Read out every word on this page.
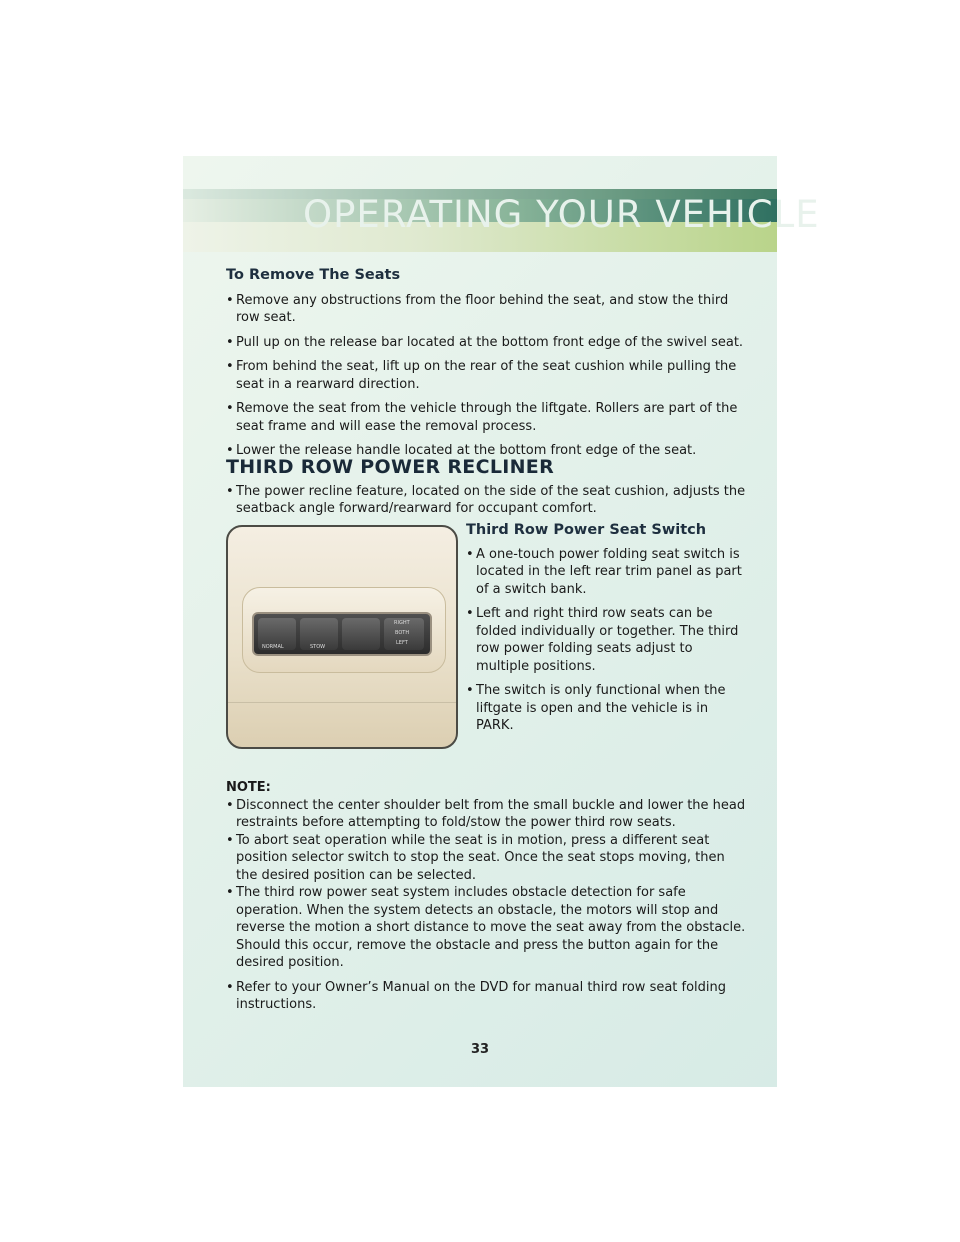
OPERATING YOUR VEHICLE
To Remove The Seats
• Remove any obstructions from the floor behind the seat, and stow the third row seat.
• Pull up on the release bar located at the bottom front edge of the swivel seat.
• From behind the seat, lift up on the rear of the seat cushion while pulling the seat in a rearward direction.
• Remove the seat from the vehicle through the liftgate. Rollers are part of the seat frame and will ease the removal process.
• Lower the release handle located at the bottom front edge of the seat.
THIRD ROW POWER RECLINER
• The power recline feature, located on the side of the seat cushion, adjusts the seatback angle forward/rearward for occupant comfort.
NORMAL	STOW
RIGHT
BOTH
LEFT
Third Row Power Seat Switch
• A one-touch power folding seat switch is located in the left rear trim panel as part of a switch bank.
• Left and right third row seats can be folded individually or together. The third row power folding seats adjust to multiple positions.
• The switch is only functional when the liftgate is open and the vehicle is in PARK.
NOTE:
• Disconnect the center shoulder belt from the small buckle and lower the head restraints before attempting to fold/stow the power third row seats.
• To abort seat operation while the seat is in motion, press a different seat position selector switch to stop the seat. Once the seat stops moving, then the desired position can be selected.
• The third row power seat system includes obstacle detection for safe operation. When the system detects an obstacle, the motors will stop and reverse the motion a short distance to move the seat away from the obstacle. Should this occur, remove the obstacle and press the button again for the desired position.
• Refer to your Owner’s Manual on the DVD for manual third row seat folding instructions.
33
